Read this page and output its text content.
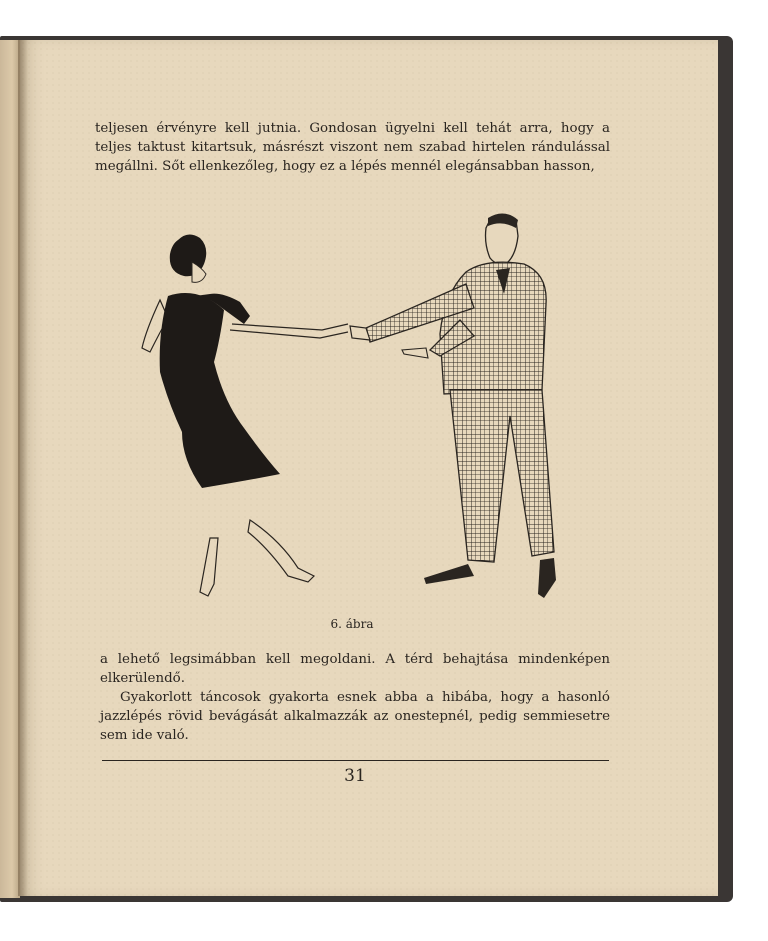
teljesen érvényre kell jutnia. Gondosan ügyelni kell tehát arra, hogy a

teljes taktust kitartsuk, másrészt viszont nem szabad hirtelen rándulással

megállni. Sőt ellenkezőleg, hogy ez a lépés mennél elegánsabban hasson,

6. ábra

a lehető legsimábban kell megoldani. A térd behajtása mindenképen

elkerülendő.

Gyakorlott táncosok gyakorta esnek abba a hibába, hogy a hasonló

jazzlépés rövid bevágását alkalmazzák az onestepnél, pedig semmiesetre

sem ide való.

31
